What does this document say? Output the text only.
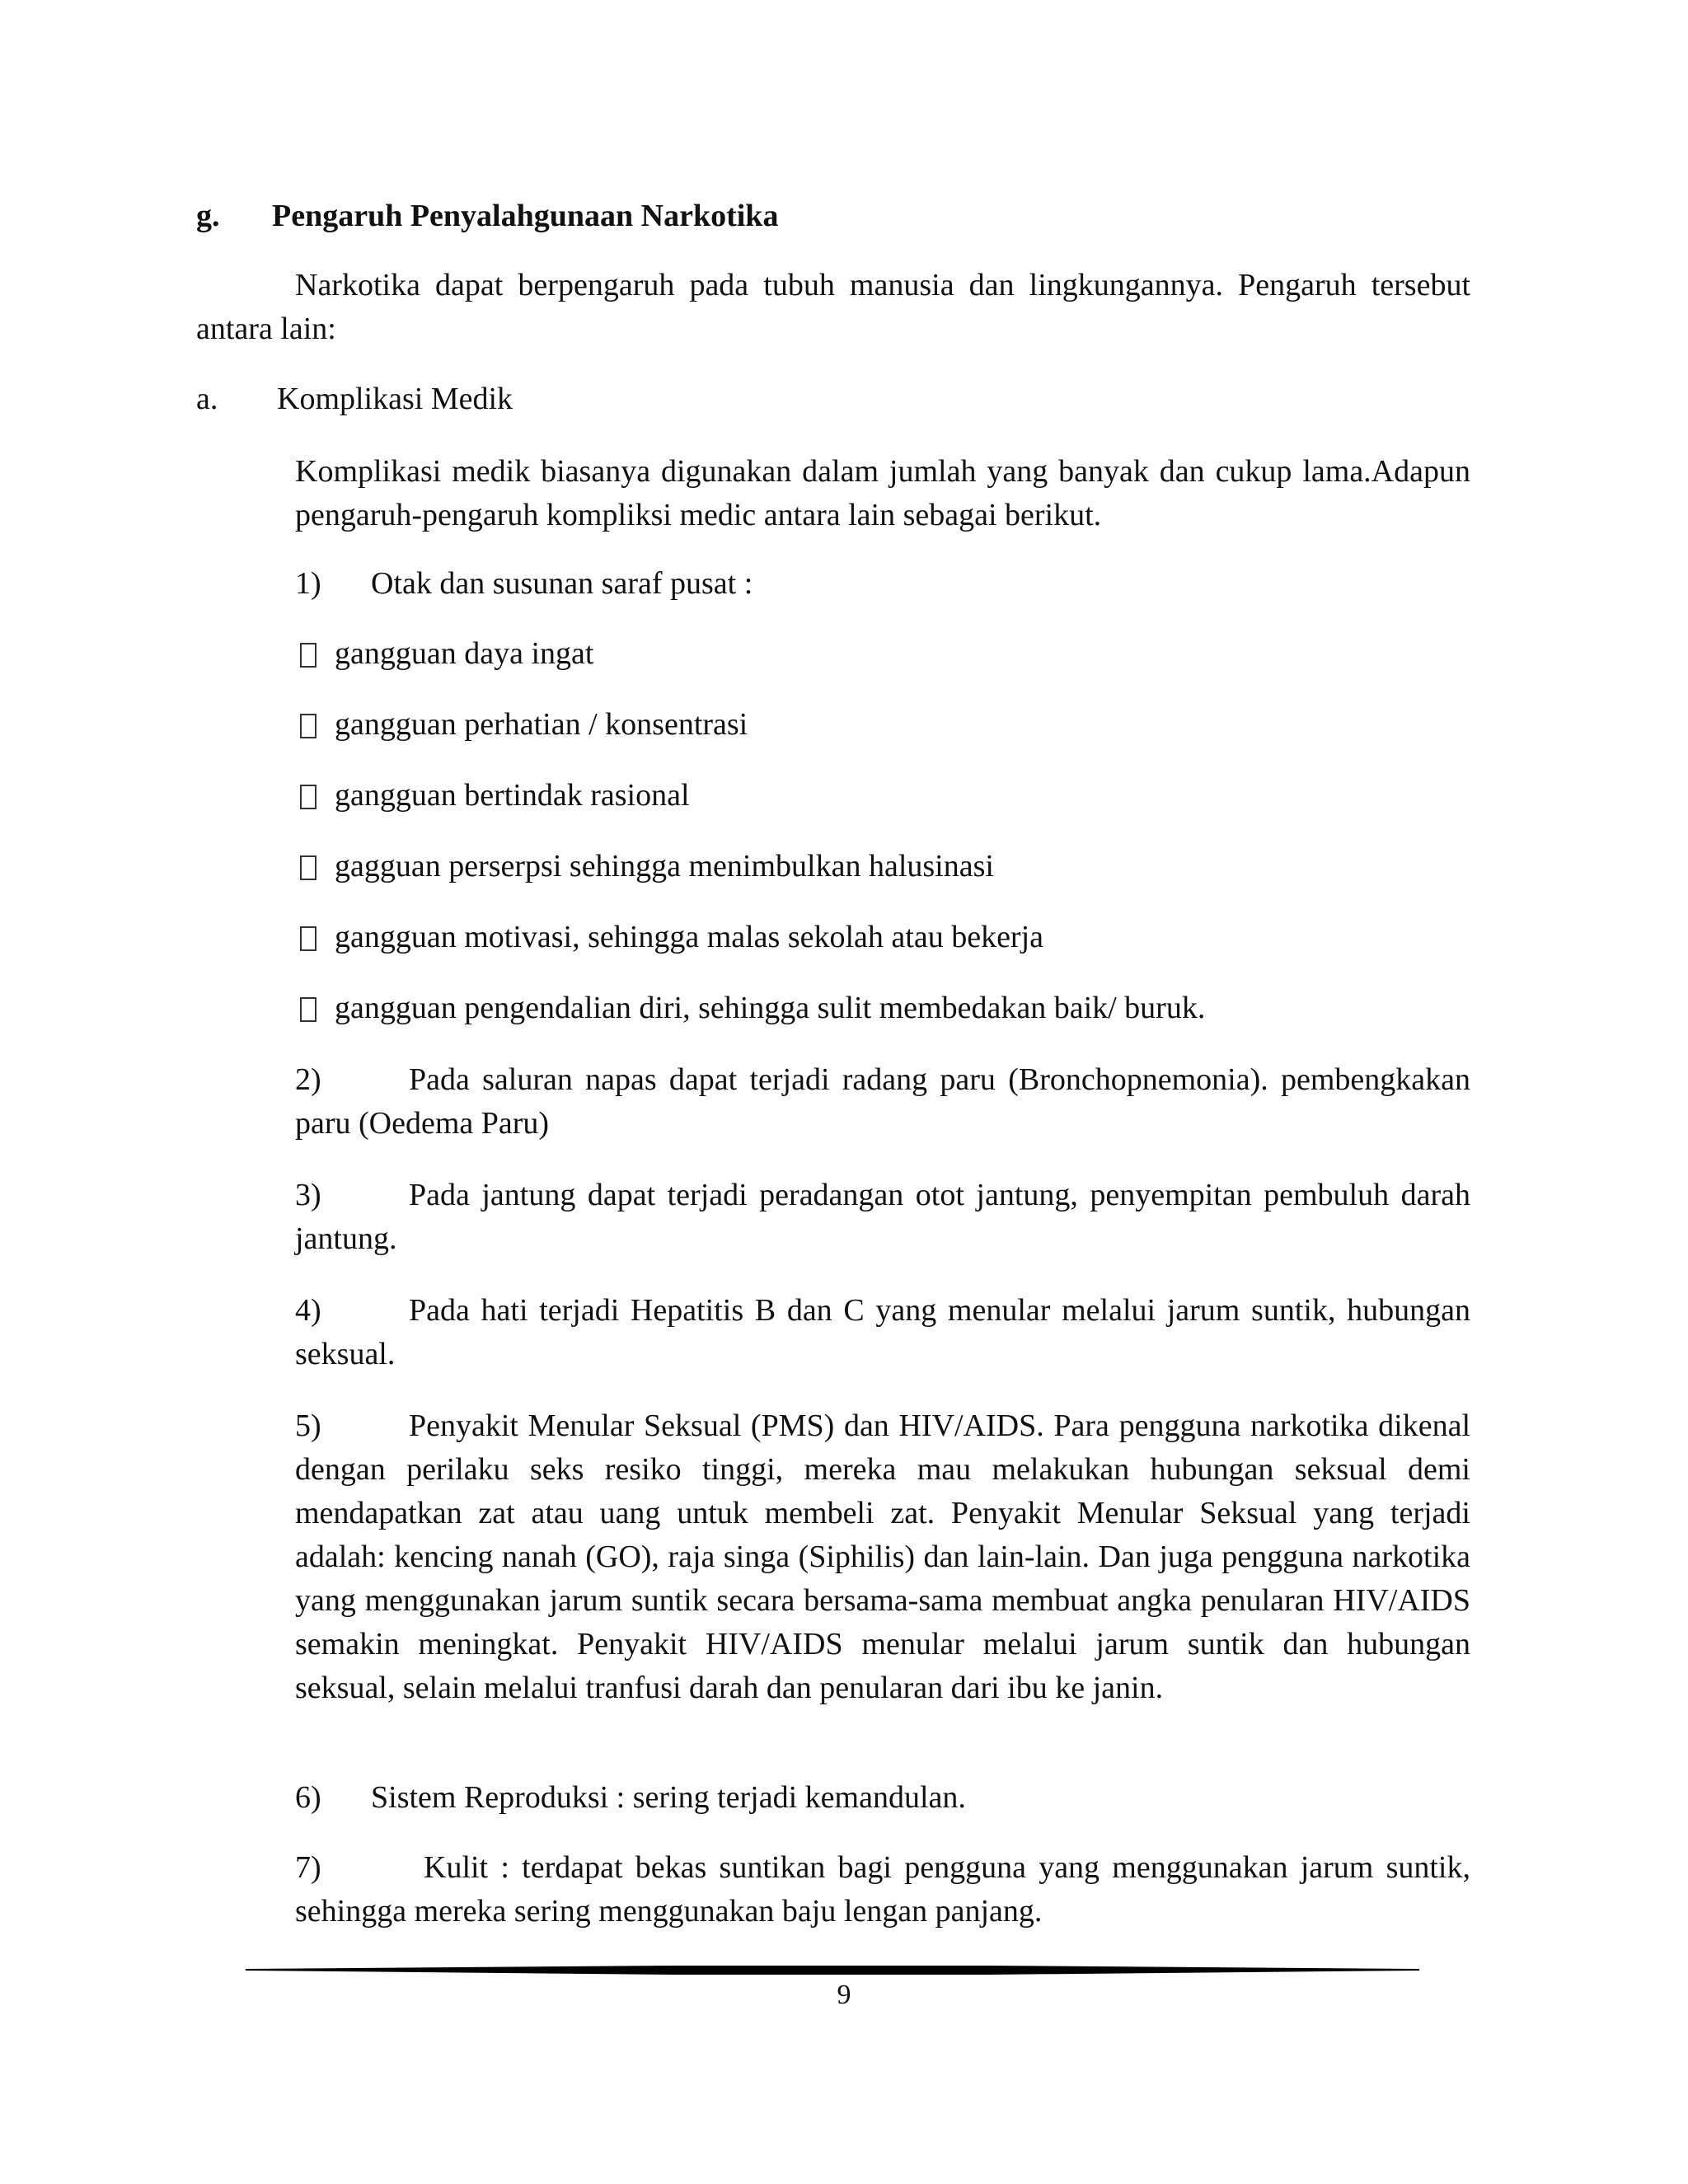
g. Pengaruh Penyalahgunaan Narkotika

Narkotika dapat berpengaruh pada tubuh manusia dan lingkungannya. Pengaruh tersebut antara lain:

a. Komplikasi Medik

Komplikasi medik biasanya digunakan dalam jumlah yang banyak dan cukup lama.Adapun pengaruh-pengaruh kompliksi medic antara lain sebagai berikut.

1) Otak dan susunan saraf pusat :
gangguan daya ingat
gangguan perhatian / konsentrasi
gangguan bertindak rasional
gagguan perserpsi sehingga menimbulkan halusinasi
gangguan motivasi, sehingga malas sekolah atau bekerja
gangguan pengendalian diri, sehingga sulit membedakan baik/ buruk.

2)	Pada saluran napas dapat terjadi radang paru (Bronchopnemonia). pembengkakan paru (Oedema Paru)

3)	Pada jantung dapat terjadi peradangan otot jantung, penyempitan pembuluh darah jantung.

4)	Pada hati terjadi Hepatitis B dan C yang menular melalui jarum suntik, hubungan seksual.

5)	Penyakit Menular Seksual (PMS) dan HIV/AIDS. Para pengguna narkotika dikenal dengan perilaku seks resiko tinggi, mereka mau melakukan hubungan seksual demi mendapatkan zat atau uang untuk membeli zat. Penyakit Menular Seksual yang terjadi adalah: kencing nanah (GO), raja singa (Siphilis) dan lain-lain. Dan juga pengguna narkotika yang menggunakan jarum suntik secara bersama-sama membuat angka penularan HIV/AIDS semakin meningkat. Penyakit HIV/AIDS menular melalui jarum suntik dan hubungan seksual, selain melalui tranfusi darah dan penularan dari ibu ke janin.

6) Sistem Reproduksi : sering terjadi kemandulan.

7)	Kulit : terdapat bekas suntikan bagi pengguna yang menggunakan jarum suntik, sehingga mereka sering menggunakan baju lengan panjang.

9
